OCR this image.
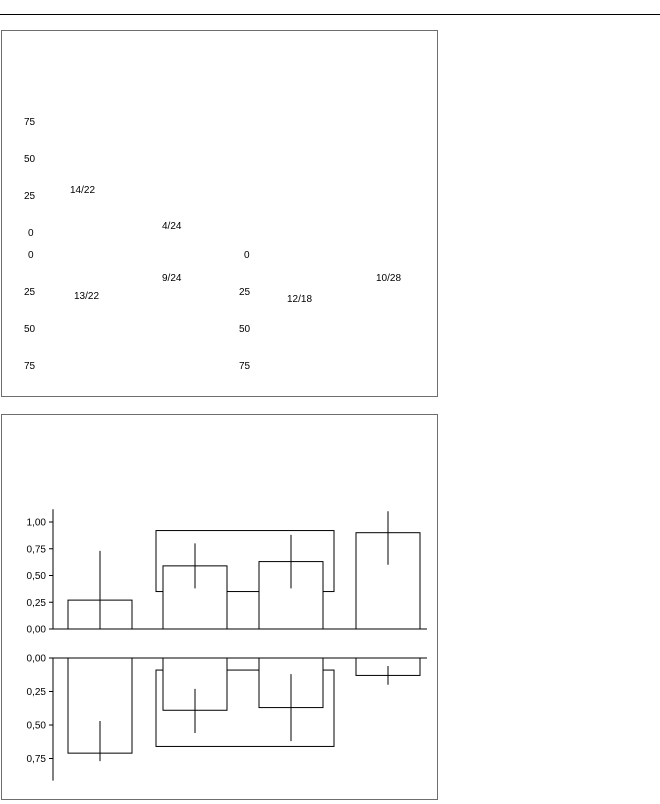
75
50
25
0
0
25
50
75
0
25
50
75
14/22
13/22
4/24
9/24
12/18
10/28
1,00
0,75
0,50
0,25
0,00
0,00
0,25
0,50
0,75
